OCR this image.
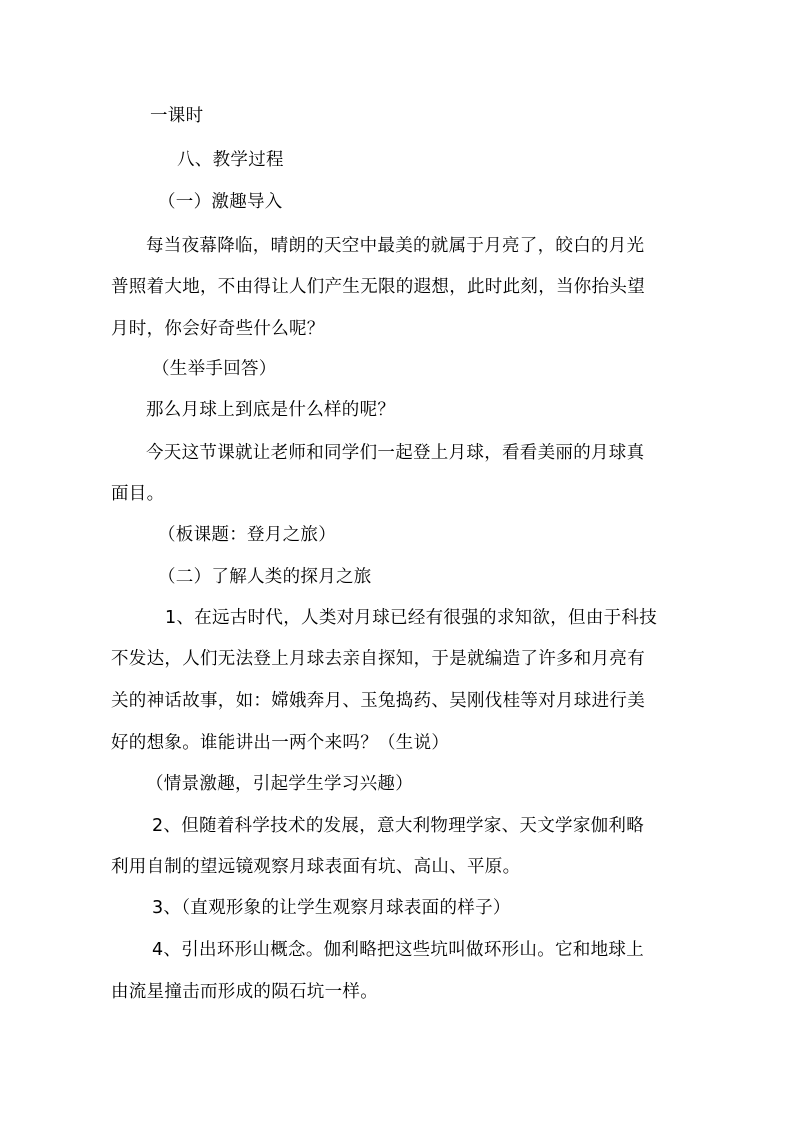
一课时
八、教学过程
（一）激趣导入
每当夜幕降临，晴朗的天空中最美的就属于月亮了，皎白的月光
普照着大地，不由得让人们产生无限的遐想，此时此刻，当你抬头望
月时，你会好奇些什么呢？
（生举手回答）
那么月球上到底是什么样的呢？
今天这节课就让老师和同学们一起登上月球，看看美丽的月球真
面目。
（板课题：登月之旅）
（二）了解人类的探月之旅
1、在远古时代，人类对月球已经有很强的求知欲，但由于科技
不发达，人们无法登上月球去亲自探知，于是就编造了许多和月亮有
关的神话故事，如：嫦娥奔月、玉兔捣药、吴刚伐桂等对月球进行美
好的想象。谁能讲出一两个来吗？（生说）
（情景激趣，引起学生学习兴趣）
2、但随着科学技术的发展，意大利物理学家、天文学家伽利略
利用自制的望远镜观察月球表面有坑、高山、平原。
3、（直观形象的让学生观察月球表面的样子）
4、引出环形山概念。伽利略把这些坑叫做环形山。它和地球上
由流星撞击而形成的陨石坑一样。
